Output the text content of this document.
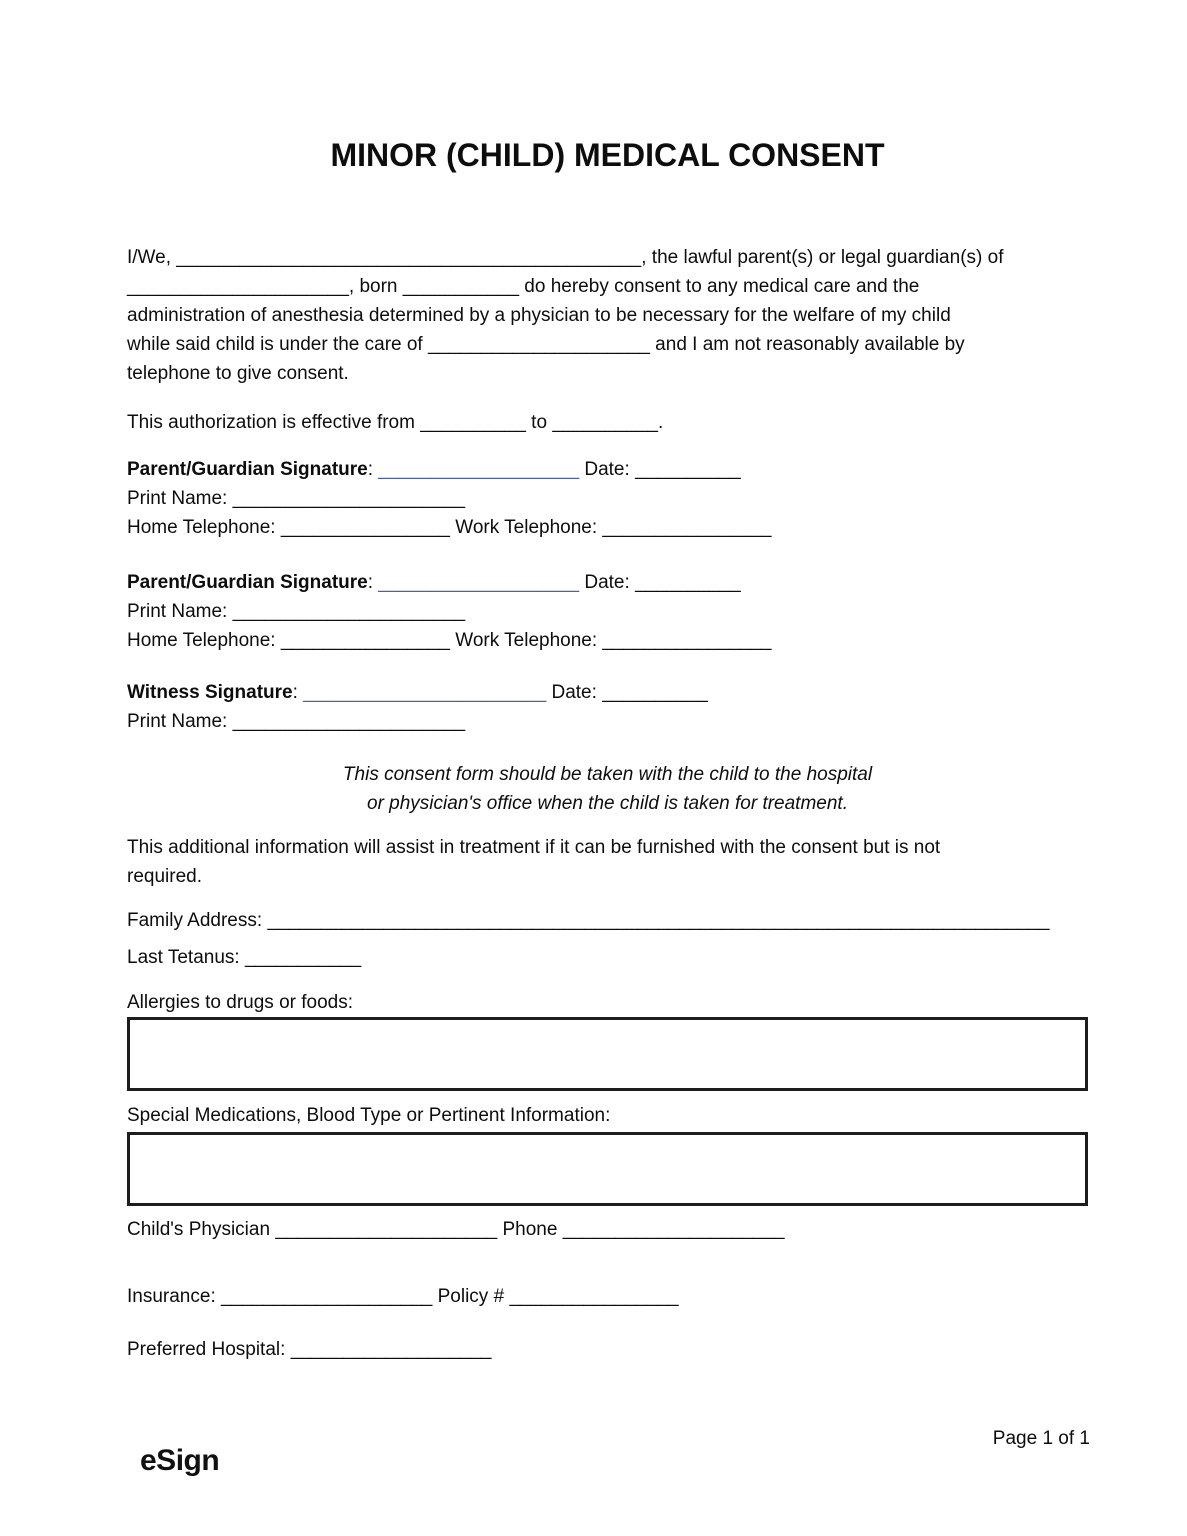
MINOR (CHILD) MEDICAL CONSENT
I/We, ____________________________________________, the lawful parent(s) or legal guardian(s) of
_____________________, born ___________ do hereby consent to any medical care and the
administration of anesthesia determined by a physician to be necessary for the welfare of my child
while said child is under the care of _____________________ and I am not reasonably available by
telephone to give consent.
This authorization is effective from __________ to __________.
Parent/Guardian Signature: ___________________ Date: __________
Print Name: ______________________
Home Telephone: ________________ Work Telephone: ________________
Parent/Guardian Signature: ___________________ Date: __________
Print Name: ______________________
Home Telephone: ________________ Work Telephone: ________________
Witness Signature: _______________________ Date: __________
Print Name: ______________________
This consent form should be taken with the child to the hospital
or physician's office when the child is taken for treatment.
This additional information will assist in treatment if it can be furnished with the consent but is not
required.
Family Address: __________________________________________________________________________
Last Tetanus: ___________
Allergies to drugs or foods:
Special Medications, Blood Type or Pertinent Information:
Child's Physician _____________________ Phone _____________________
Insurance: ____________________ Policy # ________________
Preferred Hospital: ___________________
eSign
Page 1 of 1
